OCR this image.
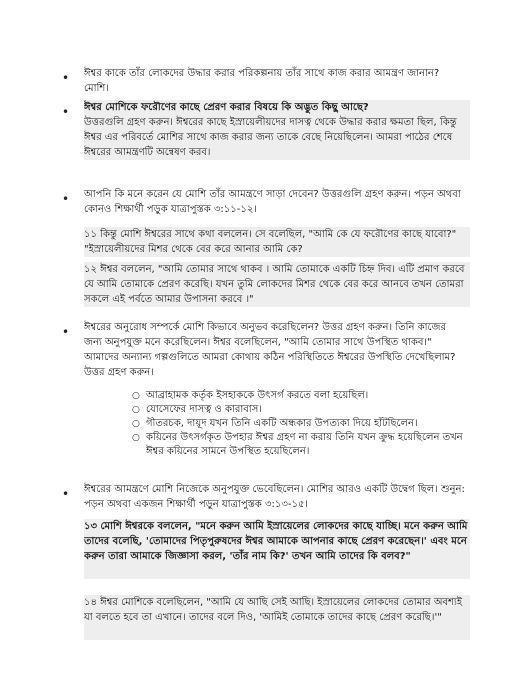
• ঈশ্বর কাকে তাঁর লোকদের উদ্ধার করার পরিকল্পনায় তাঁর সাথে কাজ করার আমন্ত্রণ জানান? মোশি।
• ঈশ্বর মোশিকে ফরৌণের কাছে প্রেরণ করার বিষয়ে কি অদ্ভুত কিছু আছে?
উত্তরগুলি গ্রহণ করুন। ঈশ্বরের কাছে ইস্রায়েলীয়দের দাসত্ব থেকে উদ্ধার করার ক্ষমতা ছিল, কিন্তু ঈশ্বর এর পরিবর্তে মোশির সাথে কাজ করার জন্য তাকে বেছে নিয়েছিলেন। আমরা পাঠের শেষে ঈশ্বরের আমন্ত্রণটি অন্বেষণ করব।
• আপনি কি মনে করেন যে মোশি তাঁর আমন্ত্রণে সাড়া দেবেন? উত্তরগুলি গ্রহণ করুন। পড়ন অথবা কোনও শিক্ষার্থী পড়ুক যাত্রাপুস্তক ৩:১১-১২।
১১ কিন্তু মোশি ঈশ্বরের সাথে কথা বললেন। সে বলেছিল, "আমি কে যে ফরৌণের কাছে যাবো?" "ইস্রায়েলীয়দের মিশর থেকে বের করে আনার আমি কে?
১২ ঈশ্বর বললেন, "আমি তোমার সাথে থাকব । আমি তোমাকে একটি চিহ্ন দিব। এটি প্রমাণ করবে যে আমি তোমাকে প্রেরণ করেছি। যখন তুমি লোকদের মিশর থেকে বের করে আনবে তখন তোমরা সকলে এই পর্বতে আমার উপাসনা করবে ।"
• ঈশ্বরের অনুরোধ সম্পর্কে মোশি কিভাবে অনুভব করেছিলেন? উত্তর গ্রহণ করুন। তিনি কাজের জন্য অনুপযুক্ত মনে করেছিলেন। ঈশ্বর বলেছিলেন, "আমি তোমার সাথে উপস্থিত থাকব।" আমাদের অন্যান্য গল্পগুলিতে আমরা কোথায় কঠিন পরিস্থিতিতে ঈশ্বরের উপস্থিতি দেখেছিলাম? উত্তর গ্রহণ করুন।
○ আব্রাহামক কর্তৃক ইসহাককে উৎসর্গ করতে বলা হয়েছিল।
○ যোসেফের দাসত্ব ও কারাবাস।
○ গীতরচক, দায়ূদ যখন তিনি একটি অন্ধকার উপত্যকা দিয়ে হাঁটছিলেন।
○ কয়িনের উৎসর্গকৃত উপহার ঈশ্বর গ্রহণ না করায় তিনি যখন ক্রুদ্ধ হয়েছিলেন তখন ঈশ্বর কয়িনের সামনে উপস্থিত হয়েছিলেন।
• ঈশ্বরের আমন্ত্রণে মোশি নিজেকে অনুপযুক্ত ভেবেছিলেন। মোশির আরও একটি উদ্বেগ ছিল। শুনুন: পড়ন অথবা একজন শিক্ষার্থী পড়ুন যাত্রাপুস্তক ৩:১৩-১৫।
১৩ মোশি ঈশ্বরকে বললেন, "মনে করুন আমি ইস্রায়েলের লোকদের কাছে যাচ্ছি। মনে করুন আমি তাদের বলেছি, 'তোমাদের পিতৃপুরুষদের ঈশ্বর আমাকে আপনার কাছে প্রেরণ করেছেন।' এবং মনে করুন তারা আমাকে জিজ্ঞাসা করল, 'তাঁর নাম কি?' তখন আমি তাদের কি বলব?"
১৪ ঈশ্বর মোশিকে বলেছিলেন, "আমি যে আছি সেই আছি। ইস্রায়েলের লোকদের তোমার অবশ্যই যা বলতে হবে তা এখানে। তাদের বলে দিও, 'আমিই তোমাকে তাদের কাছে প্রেরণ করেছি।'"
